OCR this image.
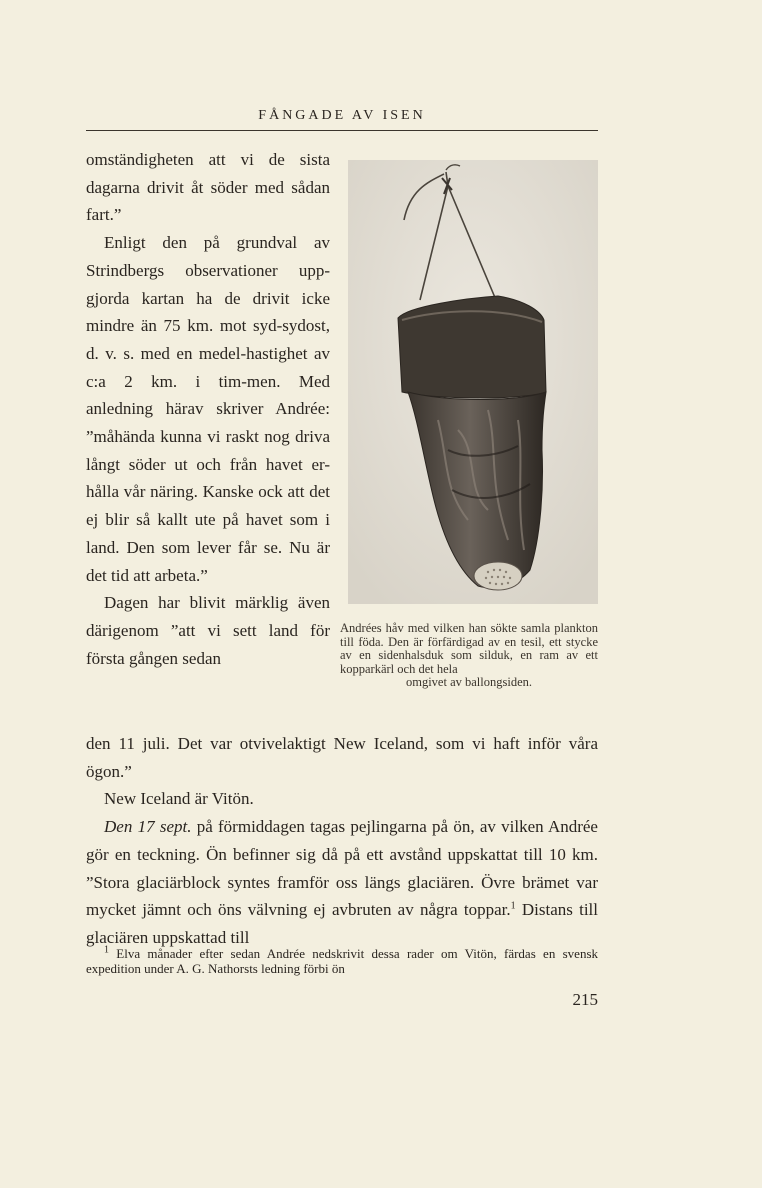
FÅNGADE AV ISEN

omständigheten att vi de sista dagarna drivit åt söder med sådan fart.”

Enligt den på grundval av Strindbergs observationer upp-gjorda kartan ha de drivit icke mindre än 75 km. mot syd-sydost, d. v. s. med en medel-hastighet av c:a 2 km. i tim-men. Med anledning härav skriver Andrée: ”måhända kunna vi raskt nog driva långt söder ut och från havet er-hålla vår näring. Kanske ock att det ej blir så kallt ute på havet som i land. Den som lever får se. Nu är det tid att arbeta.”

Dagen har blivit märklig även därigenom ”att vi sett land för första gången sedan

Andrées håv med vilken han sökte samla plankton till föda. Den är förfärdigad av en tesil, ett stycke av en sidenhalsduk som silduk, en ram av ett kopparkärl och det hela
omgivet av ballongsiden.

den 11 juli. Det var otvivelaktigt New Iceland, som vi haft inför våra ögon.”

New Iceland är Vitön.

Den 17 sept. på förmiddagen tagas pejlingarna på ön, av vilken Andrée gör en teckning. Ön befinner sig då på ett avstånd uppskattat till 10 km. ”Stora glaciärblock syntes framför oss längs glaciären. Övre brämet var mycket jämnt och öns välvning ej avbruten av några toppar.$^1$ Distans till glaciären uppskattad till

$^1$ Elva månader efter sedan Andrée nedskrivit dessa rader om Vitön, färdas en svensk expedition under A. G. Nathorsts ledning förbi ön
215
